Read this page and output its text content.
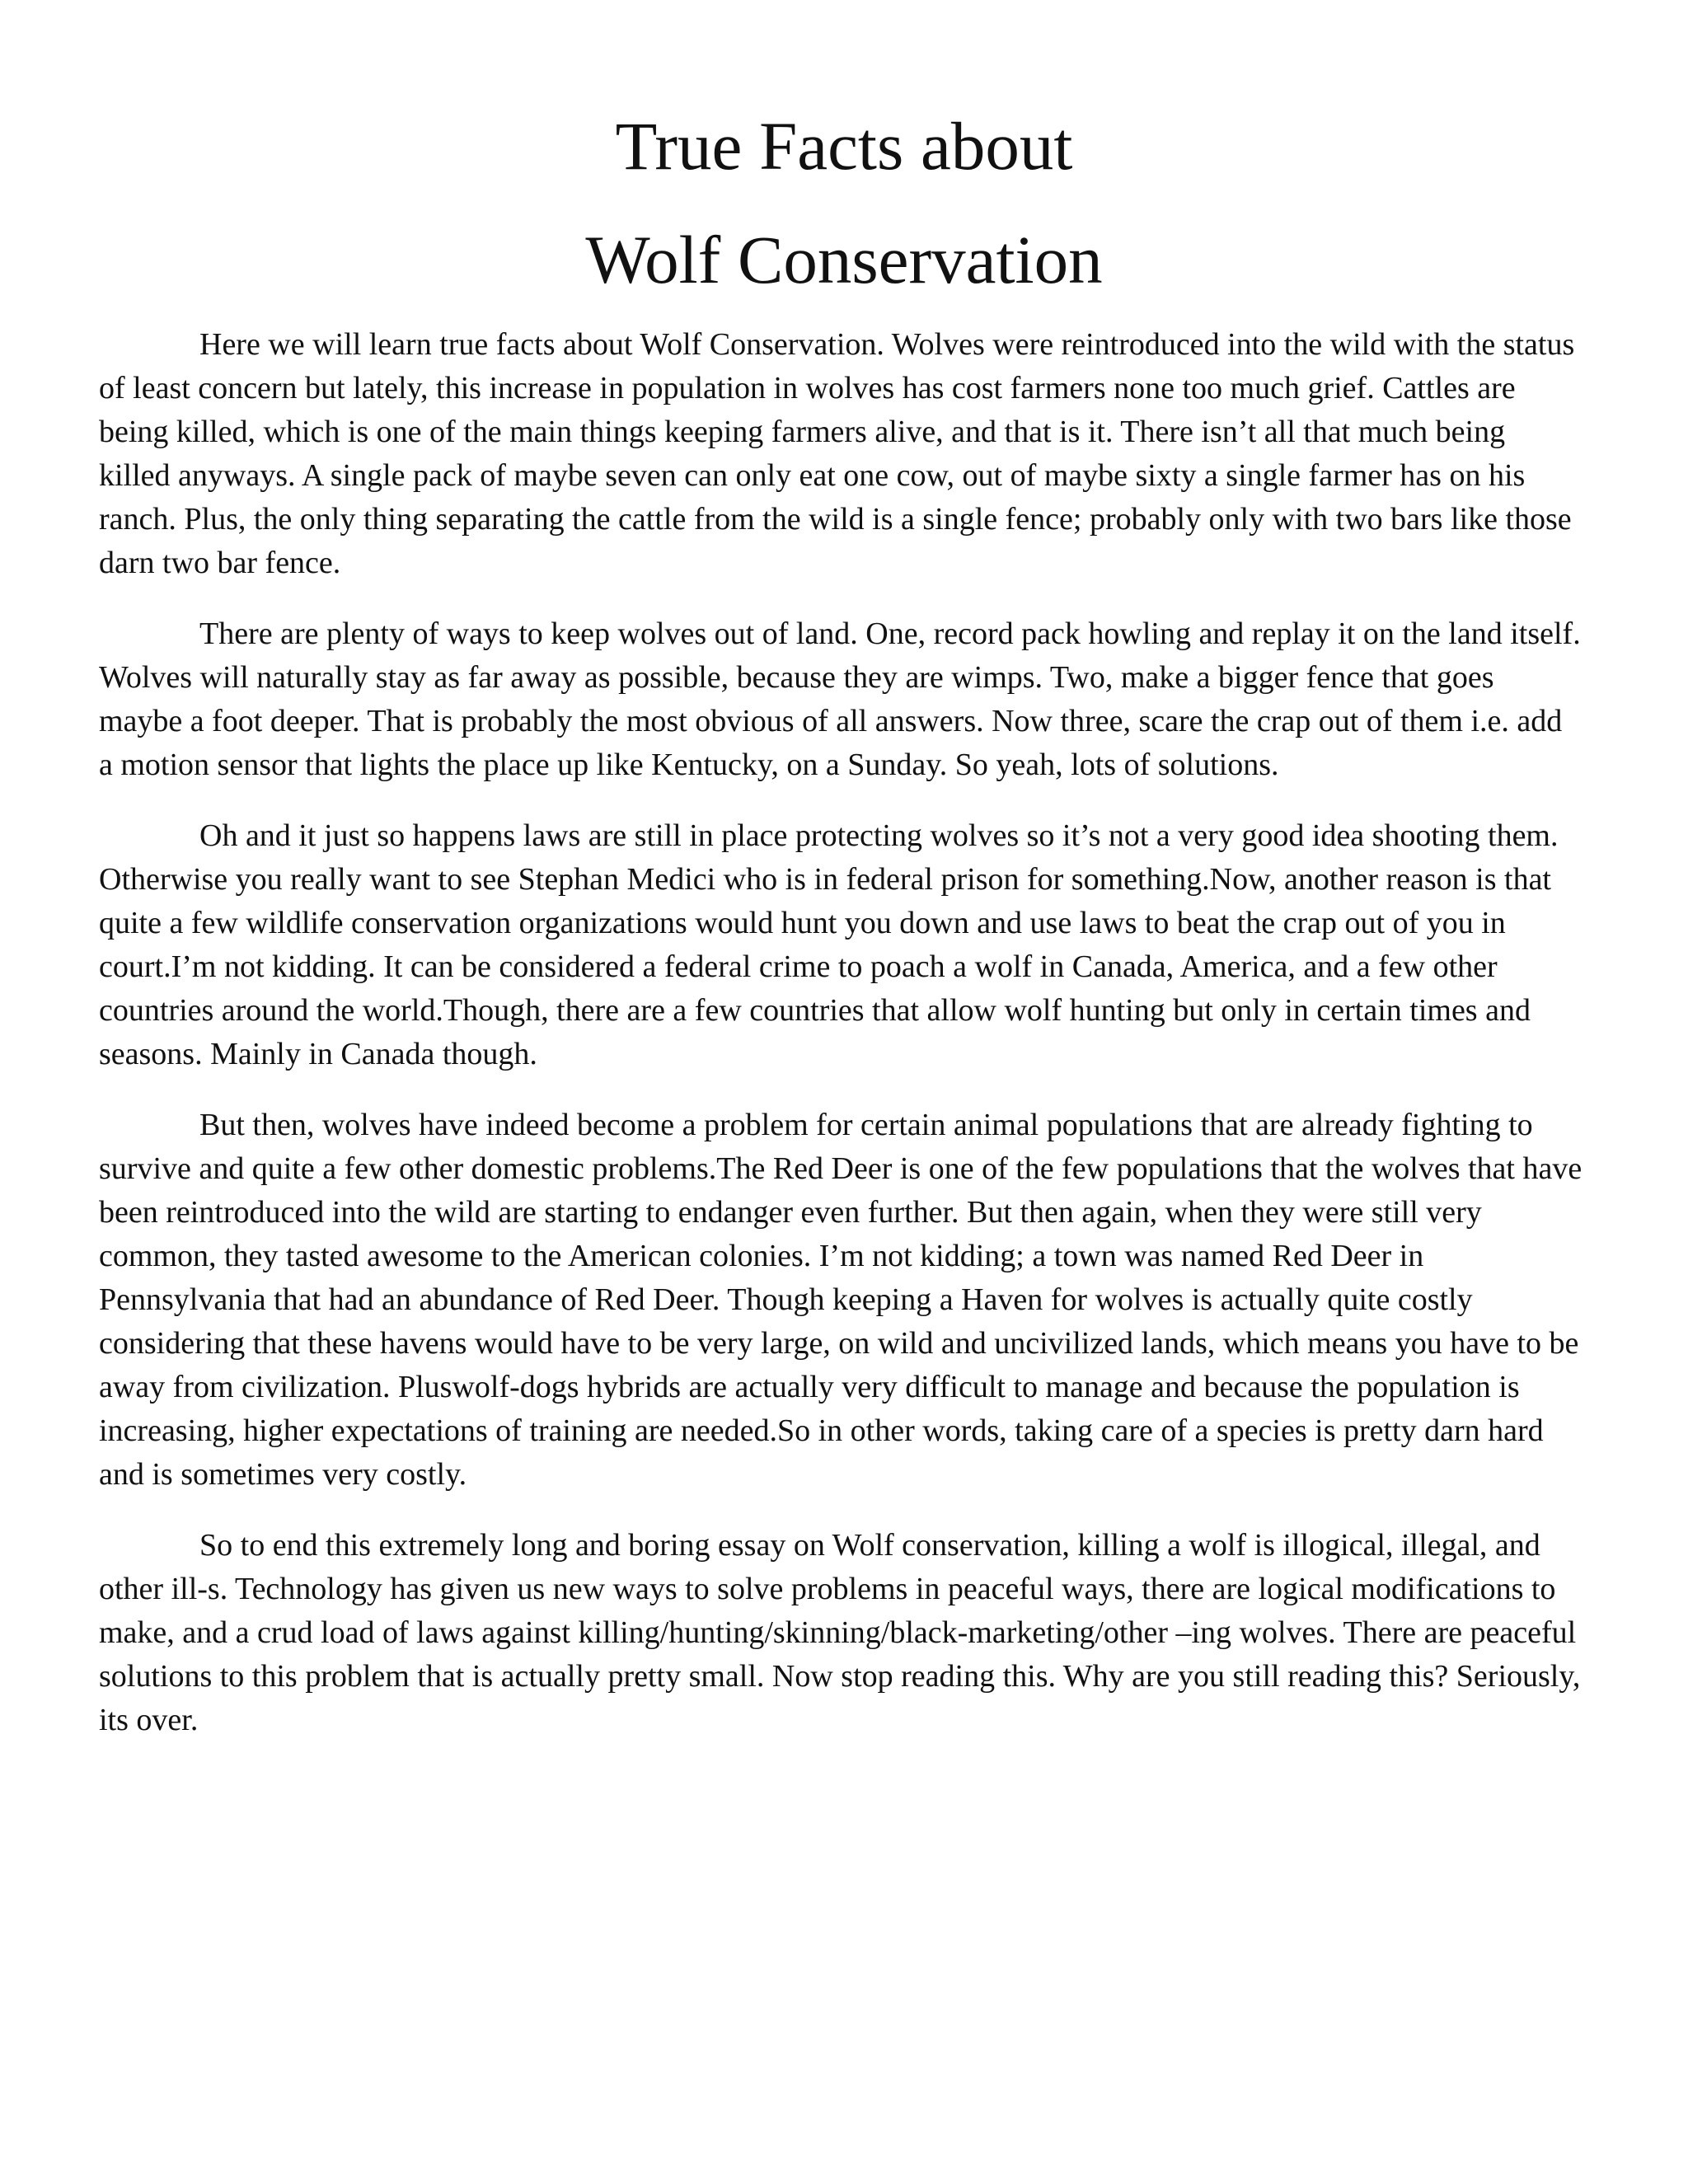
True Facts about
Wolf Conservation

Here we will learn true facts about Wolf Conservation. Wolves were reintroduced into the wild with the status of least concern but lately, this increase in population in wolves has cost farmers none too much grief. Cattles are being killed, which is one of the main things keeping farmers alive, and that is it. There isn’t all that much being killed anyways. A single pack of maybe seven can only eat one cow, out of maybe sixty a single farmer has on his ranch. Plus, the only thing separating the cattle from the wild is a single fence; probably only with two bars like those darn two bar fence.

There are plenty of ways to keep wolves out of land. One, record pack howling and replay it on the land itself. Wolves will naturally stay as far away as possible, because they are wimps. Two, make a bigger fence that goes maybe a foot deeper. That is probably the most obvious of all answers. Now three, scare the crap out of them i.e. add a motion sensor that lights the place up like Kentucky, on a Sunday. So yeah, lots of solutions.

Oh and it just so happens laws are still in place protecting wolves so it’s not a very good idea shooting them. Otherwise you really want to see Stephan Medici who is in federal prison for something.Now, another reason is that quite a few wildlife conservation organizations would hunt you down and use laws to beat the crap out of you in court.I’m not kidding. It can be considered a federal crime to poach a wolf in Canada, America, and a few other countries around the world.Though, there are a few countries that allow wolf hunting but only in certain times and seasons. Mainly in Canada though.

But then, wolves have indeed become a problem for certain animal populations that are already fighting to survive and quite a few other domestic problems.The Red Deer is one of the few populations that the wolves that have been reintroduced into the wild are starting to endanger even further. But then again, when they were still very common, they tasted awesome to the American colonies. I’m not kidding; a town was named Red Deer in Pennsylvania that had an abundance of Red Deer. Though keeping a Haven for wolves is actually quite costly considering that these havens would have to be very large, on wild and uncivilized lands, which means you have to be away from civilization. Pluswolf-dogs hybrids are actually very difficult to manage and because the population is increasing, higher expectations of training are needed.So in other words, taking care of a species is pretty darn hard and is sometimes very costly.

So to end this extremely long and boring essay on Wolf conservation, killing a wolf is illogical, illegal, and other ill-s. Technology has given us new ways to solve problems in peaceful ways, there are logical modifications to make, and a crud load of laws against killing/hunting/skinning/black-marketing/other –ing wolves. There are peaceful solutions to this problem that is actually pretty small. Now stop reading this. Why are you still reading this? Seriously, its over.
